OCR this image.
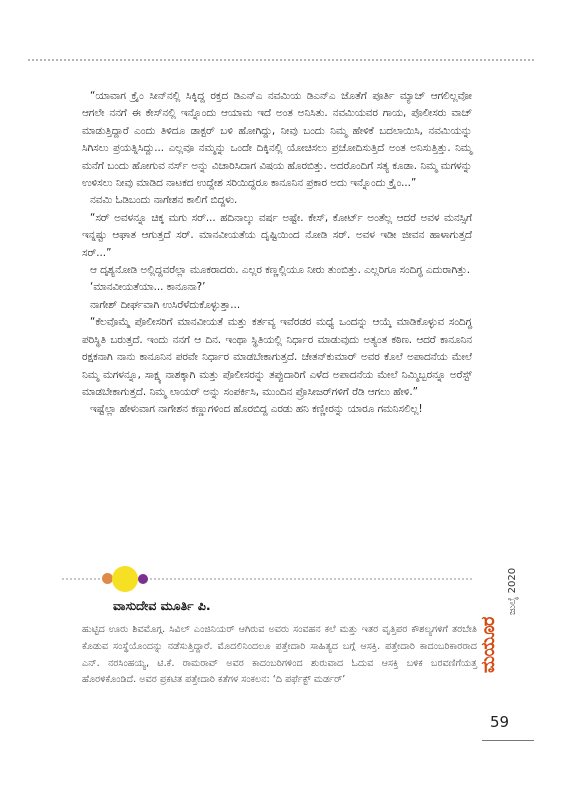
“ಯಾವಾಗ ಕ್ರೈಂ ಸೀನ್‌ನಲ್ಲಿ ಸಿಕ್ಕಿದ್ದ ರಕ್ತದ ಡಿಎನ್‌ಎ ನವಮಿಯ ಡಿಎನ್‌ಎ ಜೊತೆಗೆ ಪೂರ್ತಿ ಮ್ಯಾಚ್ ಆಗಲಿಲ್ಲವೋ ಆಗಲೇ ನನಗೆ ಈ ಕೇಸ್‌ನಲ್ಲಿ ಇನ್ನೊಂದು ಆಯಾಮ ಇದೆ ಅಂತ ಅನಿಸಿತು. ನವಮಿಯವರ ಗಾಯ, ಪೊಲೀಸರು ವಾಚ್ ಮಾಡುತ್ತಿದ್ದಾರೆ ಎಂದು ತಿಳಿದೂ ಡಾಕ್ಟರ್ ಬಳಿ ಹೋಗಿದ್ದು, ನೀವು ಬಂದು ನಿಮ್ಮ ಹೇಳಿಕೆ ಬದಲಾಯಿಸಿ, ನವಮಿಯನ್ನು ಸಿಗಿಸಲು ಪ್ರಯತ್ನಿಸಿದ್ದು... ಎಲ್ಲವೂ ನಮ್ಮನ್ನು ಒಂದೇ ದಿಕ್ಕಿನಲ್ಲಿ ಯೋಚಿಸಲು ಪ್ರಚೋದಿಸುತ್ತಿದೆ ಅಂತ ಅನಿಸುತ್ತಿತ್ತು. ನಿಮ್ಮ ಮನೆಗೆ ಬಂದು ಹೋಗುವ ನರ್ಸ್ ಅನ್ನು ವಿಚಾರಿಸಿದಾಗ ವಿಷಯ ಹೊರಬಿತ್ತು. ಅದರೊಂದಿಗೆ ಸತ್ಯ ಕೂಡಾ. ನಿಮ್ಮ ಮಗಳನ್ನು ಉಳಿಸಲು ನೀವು ಮಾಡಿದ ನಾಟಕದ ಉದ್ದೇಶ ಸರಿಯಿದ್ದರೂ ಕಾನೂನಿನ ಪ್ರಕಾರ ಅದು ಇನ್ನೊಂದು ಕ್ರೈಂ...”

ನವಮಿ ಓಡಿಬಂದು ನಾಗೇಶನ ಕಾಲಿಗೆ ಬಿದ್ದಳು.

“ಸರ್ ಅವಳನ್ನೂ ಚಿಕ್ಕ ಮಗು ಸರ್... ಹದಿನಾಲ್ಕು ವರ್ಷ ಅಷ್ಟೇ. ಕೇಸ್, ಕೋರ್ಟ್ ಅಂತೆಲ್ಲ ಆದರೆ ಅವಳ ಮನಸ್ಸಿಗೆ ಇನ್ನಷ್ಟು ಆಘಾತ ಆಗುತ್ತದೆ ಸರ್. ಮಾನವೀಯತೆಯ ದೃಷ್ಟಿಯಿಂದ ನೋಡಿ ಸರ್. ಅವಳ ಇಡೀ ಜೀವನ ಹಾಳಾಗುತ್ತದೆ ಸರ್...”

ಆ ದೃಶ್ಯನೋಡಿ ಅಲ್ಲಿದ್ದವರೆಲ್ಲಾ ಮೂಕರಾದರು. ಎಲ್ಲರ ಕಣ್ಣಲ್ಲಿಯೂ ನೀರು ತುಂಬಿತ್ತು. ಎಲ್ಲರಿಗೂ ಸಂದಿಗ್ಧ ಎದುರಾಗಿತ್ತು.

‘ಮಾನವೀಯತೆಯಾ... ಕಾನೂನಾ?’

ನಾಗೇಶ್ ದೀರ್ಘವಾಗಿ ಉಸಿರೆಳೆದುಕೊಳ್ಳುತ್ತಾ...

“ಕೆಲವೊಮ್ಮೆ ಪೊಲೀಸರಿಗೆ ಮಾನವೀಯತೆ ಮತ್ತು ಕರ್ತವ್ಯ ಇವೆರಡರ ಮಧ್ಯೆ ಒಂದನ್ನು ಆಯ್ಕೆ ಮಾಡಿಕೊಳ್ಳುವ ಸಂದಿಗ್ಧ ಪರಿಸ್ಥಿತಿ ಬರುತ್ತದೆ. ಇಂದು ನನಗೆ ಆ ದಿನ. ಇಂಥಾ ಸ್ಥಿತಿಯಲ್ಲಿ ನಿರ್ಧಾರ ಮಾಡುವುದು ಅತ್ಯಂತ ಕಠಿಣ. ಆದರೆ ಕಾನೂನಿನ ರಕ್ಷಕನಾಗಿ ನಾನು ಕಾನೂನಿನ ಪರವೇ ನಿರ್ಧಾರ ಮಾಡಬೇಕಾಗುತ್ತದೆ. ಚೇತನ್‌ಕುಮಾರ್ ಅವರ ಕೊಲೆ ಅಪಾದನೆಯ ಮೇಲೆ ನಿಮ್ಮ ಮಗಳನ್ನೂ, ಸಾಕ್ಷ್ಯ ನಾಶಕ್ಕಾಗಿ ಮತ್ತು ಪೊಲೀಸರನ್ನು ತಪ್ಪುದಾರಿಗೆ ಎಳೆದ ಅಪಾದನೆಯ ಮೇಲೆ ನಿಮ್ಮಿಬ್ಬರನ್ನೂ ಅರೆಸ್ಟ್ ಮಾಡಬೇಕಾಗುತ್ತದೆ. ನಿಮ್ಮ ಲಾಯರ್ ಅನ್ನು ಸಂಪರ್ಕಿಸಿ, ಮುಂದಿನ ಪ್ರೊಸೀಜರ್‌ಗಳಿಗೆ ರೆಡಿ ಆಗಲು ಹೇಳಿ.”

ಇಷ್ಟೆಲ್ಲಾ ಹೇಳುವಾಗ ನಾಗೇಶನ ಕಣ್ಣುಗಳಿಂದ ಹೊರಬಿದ್ದ ಎರಡು ಹನಿ ಕಣ್ಣೀರನ್ನು ಯಾರೂ ಗಮನಿಸಲಿಲ್ಲ!

ವಾಸುದೇವ ಮೂರ್ತಿ ಪಿ.

ಹುಟ್ಟಿದ ಊರು ಶಿವಮೊಗ್ಗ. ಸಿವಿಲ್ ಎಂಜಿನಿಯರ್ ಆಗಿರುವ ಅವರು ಸಂವಹನ ಕಲೆ ಮತ್ತು ಇತರ ವೃತ್ತಿಪರ ಕೌಶಲ್ಯಗಳಿಗೆ ತರಬೇತಿ ಕೊಡುವ ಸಂಸ್ಥೆಯೊಂದನ್ನು ನಡೆಸುತ್ತಿದ್ದಾರೆ. ಮೊದಲಿನಿಂದಲೂ ಪತ್ತೇದಾರಿ ಸಾಹಿತ್ಯದ ಬಗ್ಗೆ ಆಸಕ್ತಿ. ಪತ್ತೇದಾರಿ ಕಾದಂಬರಿಕಾರರಾದ ಎನ್. ನರಸಿಂಹಯ್ಯ, ಟಿ.ಕೆ. ರಾಮರಾವ್ ಅವರ ಕಾದಂಬರಿಗಳಿಂದ ಶುರುವಾದ ಓದುವ ಆಸಕ್ತಿ ಬಳಿಕ ಬರವಣಿಗೆಯತ್ತ ಹೊರಳಿಕೊಂಡಿದೆ. ಅವರ ಪ್ರಕಟಿತ ಪತ್ತೇದಾರಿ ಕತೆಗಳ ಸಂಕಲನ: ‘ದಿ ಪರ್ಫೆಕ್ಟ್ ಮರ್ಡರ್’

ಜುಲೈ 2020
ಮಯೂರ
59
